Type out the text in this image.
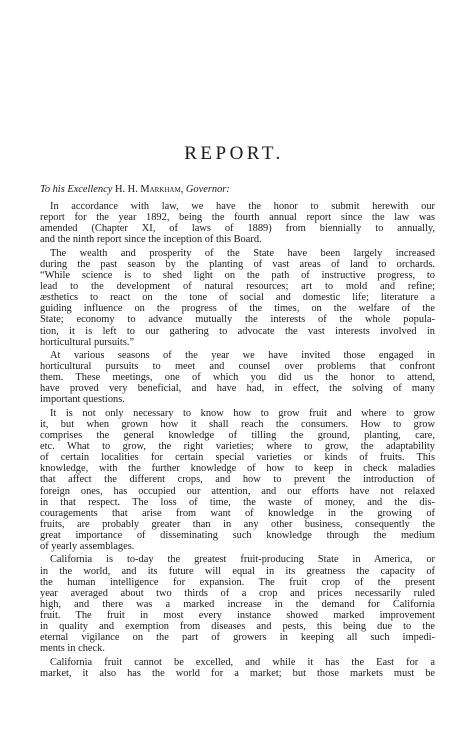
REPORT.
To his Excellency H. H. Markham, Governor:
In accordance with law, we have the honor to submit herewith our
report for the year 1892, being the fourth annual report since the law was
amended (Chapter XI, of laws of 1889) from biennially to annually,
and the ninth report since the inception of this Board.
The wealth and prosperity of the State have been largely increased
during the past season by the planting of vast areas of land to orchards.
“While science is to shed light on the path of instructive progress, to
lead to the development of natural resources; art to mold and refine;
æsthetics to react on the tone of social and domestic life; literature a
guiding influence on the progress of the times, on the welfare of the
State; economy to advance mutually the interests of the whole popula-
tion, it is left to our gathering to advocate the vast interests involved in
horticultural pursuits.”
At various seasons of the year we have invited those engaged in
horticultural pursuits to meet and counsel over problems that confront
them. These meetings, one of which you did us the honor to attend,
have proved very beneficial, and have had, in effect, the solving of many
important questions.
It is not only necessary to know how to grow fruit and where to grow
it, but when grown how it shall reach the consumers. How to grow
comprises the general knowledge of tilling the ground, planting, care,
etc. What to grow, the right varieties; where to grow, the adaptability
of certain localities for certain special varieties or kinds of fruits. This
knowledge, with the further knowledge of how to keep in check maladies
that affect the different crops, and how to prevent the introduction of
foreign ones, has occupied our attention, and our efforts have not relaxed
in that respect. The loss of time, the waste of money, and the dis-
couragements that arise from want of knowledge in the growing of
fruits, are probably greater than in any other business, consequently the
great importance of disseminating such knowledge through the medium
of yearly assemblages.
California is to-day the greatest fruit-producing State in America, or
in the world, and its future will equal in its greatness the capacity of
the human intelligence for expansion. The fruit crop of the present
year averaged about two thirds of a crop and prices necessarily ruled
high, and there was a marked increase in the demand for California
fruit. The fruit in most every instance showed marked improvement
in quality and exemption from diseases and pests, this being due to the
eternal vigilance on the part of growers in keeping all such impedi-
ments in check.
California fruit cannot be excelled, and while it has the East for a
market, it also has the world for a market; but those markets must be
